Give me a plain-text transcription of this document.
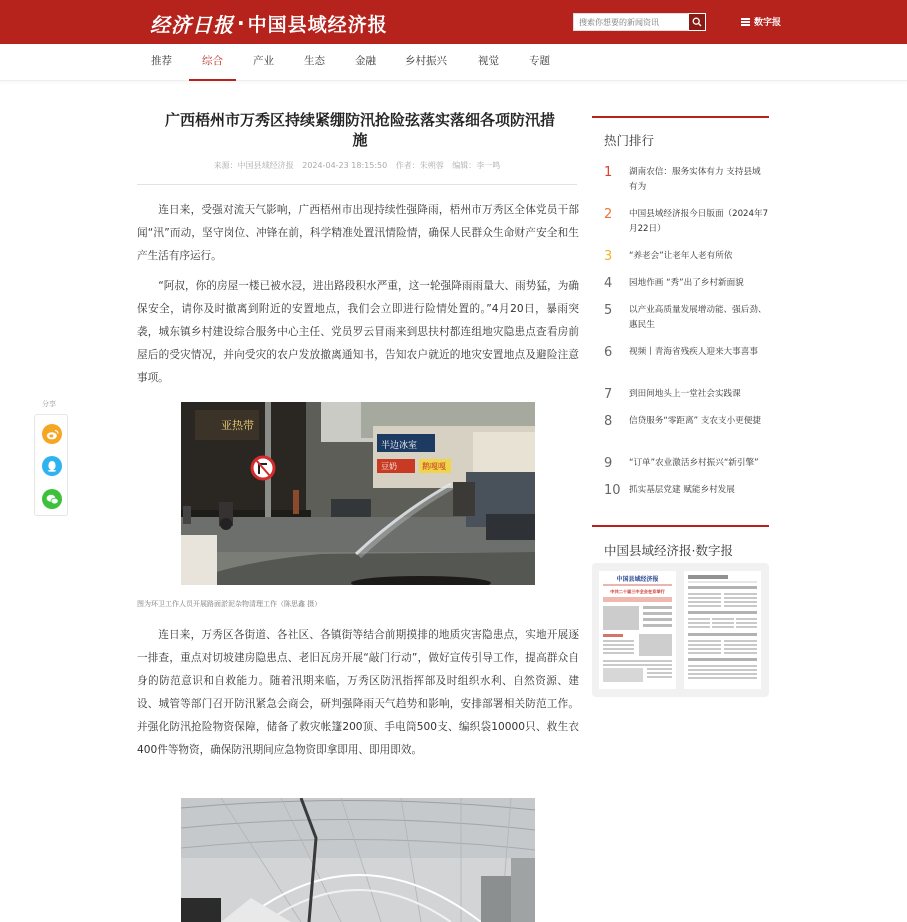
经济日报 · 中国县域经济报
搜索你想要的新闻资讯	数字报
推荐	综合	产业	生态	金融	乡村振兴	视觉	专题
分享
广西梧州市万秀区持续紧绷防汛抢险弦落实落细各项防汛措施
来源：中国县域经济报 2024-04-23 18:15:50 作者：朱朔蓉 编辑：李一鸣

连日来，受强对流天气影响，广西梧州市出现持续性强降雨，梧州市万秀区全体党员干部闻“汛”而动，坚守岗位、冲锋在前，科学精准处置汛情险情，确保人民群众生命财产安全和生产生活有序运行。

“阿叔，你的房屋一楼已被水浸，进出路段积水严重，这一轮强降雨雨量大、雨势猛，为确保安全，请你及时撤离到附近的安置地点，我们会立即进行险情处置的。”4月20日，暴雨突袭，城东镇乡村建设综合服务中心主任、党员罗云冒雨来到思扶村都连组地灾隐患点查看房前屋后的受灾情况，并向受灾的农户发放撤离通知书，告知农户就近的地灾安置地点及避险注意事项。

亚热带
半边冰室
豆奶	鹅嘎嘎
图为环卫工作人员开展路面淤泥杂物清理工作（陈思鑫 摄）

连日来，万秀区各街道、各社区、各镇街等结合前期摸排的地质灾害隐患点，实地开展逐一排查，重点对切坡建房隐患点、老旧瓦房开展“敲门行动”，做好宣传引导工作，提高群众自身的防范意识和自救能力。随着汛期来临，万秀区防汛指挥部及时组织水利、自然资源、建设、城管等部门召开防汛紧急会商会，研判强降雨天气趋势和影响，安排部署相关防范工作。并强化防汛抢险物资保障，储备了救灾帐篷200顶、手电筒500支、编织袋10000只、救生衣400件等物资，确保防汛期间应急物资即拿即用、即用即效。

热门排行
1	湖南农信：服务实体有力 支持县域有为
2	中国县域经济报今日版面（2024年7月22日）
3	“养老会”让老年人老有所依
4	园地作画 “秀”出了乡村新面貌
5	以产业高质量发展增动能、强后劲、惠民生
6	视频丨青海省残疾人迎来大事喜事
7	到田间地头上一堂社会实践课
8	信贷服务“零距离” 支农支小更便捷
9	“订单”农业激活乡村振兴“新引擎”
10 抓实基层党建 赋能乡村发展
中国县域经济报·数字报
中国县域经济报
中共二十届三中全会在京举行
